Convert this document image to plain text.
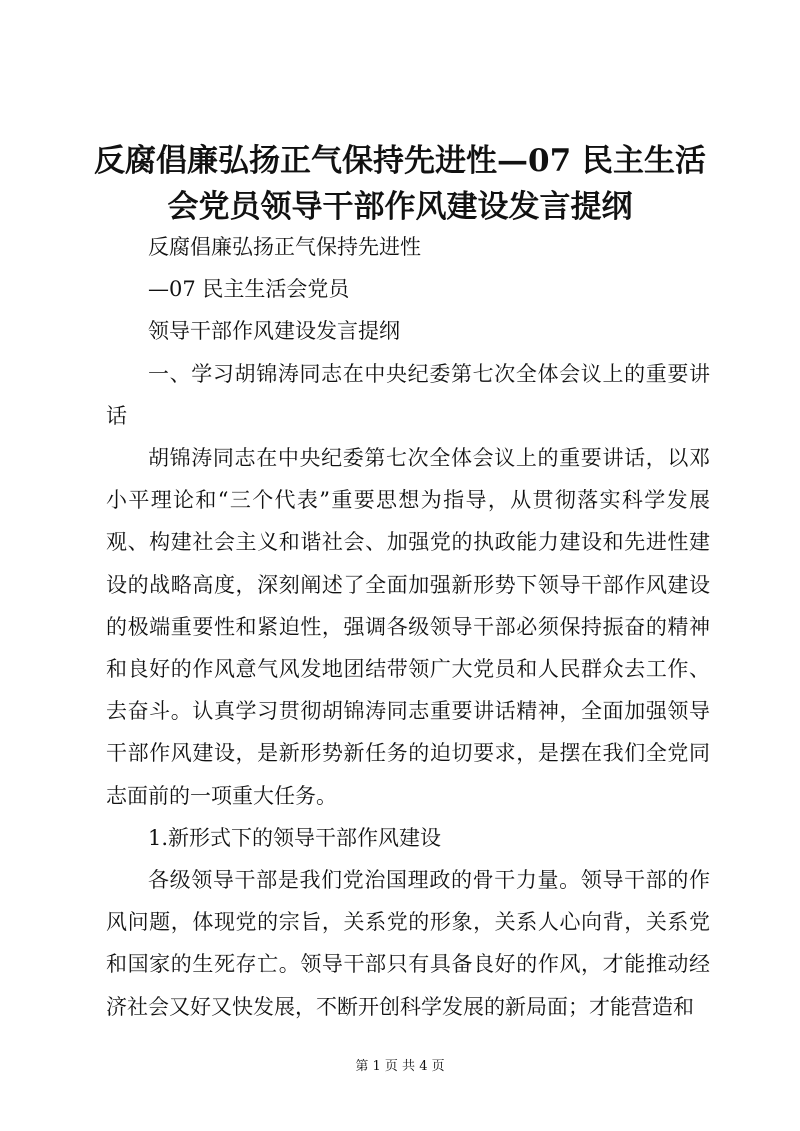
反腐倡廉弘扬正气保持先进性—07 民主生活
会党员领导干部作风建设发言提纲

反腐倡廉弘扬正气保持先进性

—07 民主生活会党员

领导干部作风建设发言提纲

一、学习胡锦涛同志在中央纪委第七次全体会议上的重要讲话

胡锦涛同志在中央纪委第七次全体会议上的重要讲话，以邓小平理论和“三个代表”重要思想为指导，从贯彻落实科学发展观、构建社会主义和谐社会、加强党的执政能力建设和先进性建设的战略高度，深刻阐述了全面加强新形势下领导干部作风建设的极端重要性和紧迫性，强调各级领导干部必须保持振奋的精神和良好的作风意气风发地团结带领广大党员和人民群众去工作、去奋斗。认真学习贯彻胡锦涛同志重要讲话精神，全面加强领导干部作风建设，是新形势新任务的迫切要求，是摆在我们全党同志面前的一项重大任务。

1.新形式下的领导干部作风建设

各级领导干部是我们党治国理政的骨干力量。领导干部的作风问题，体现党的宗旨，关系党的形象，关系人心向背，关系党和国家的生死存亡。领导干部只有具备良好的作风，才能推动经济社会又好又快发展，不断开创科学发展的新局面；才能营造和

第 1 页 共 4 页
